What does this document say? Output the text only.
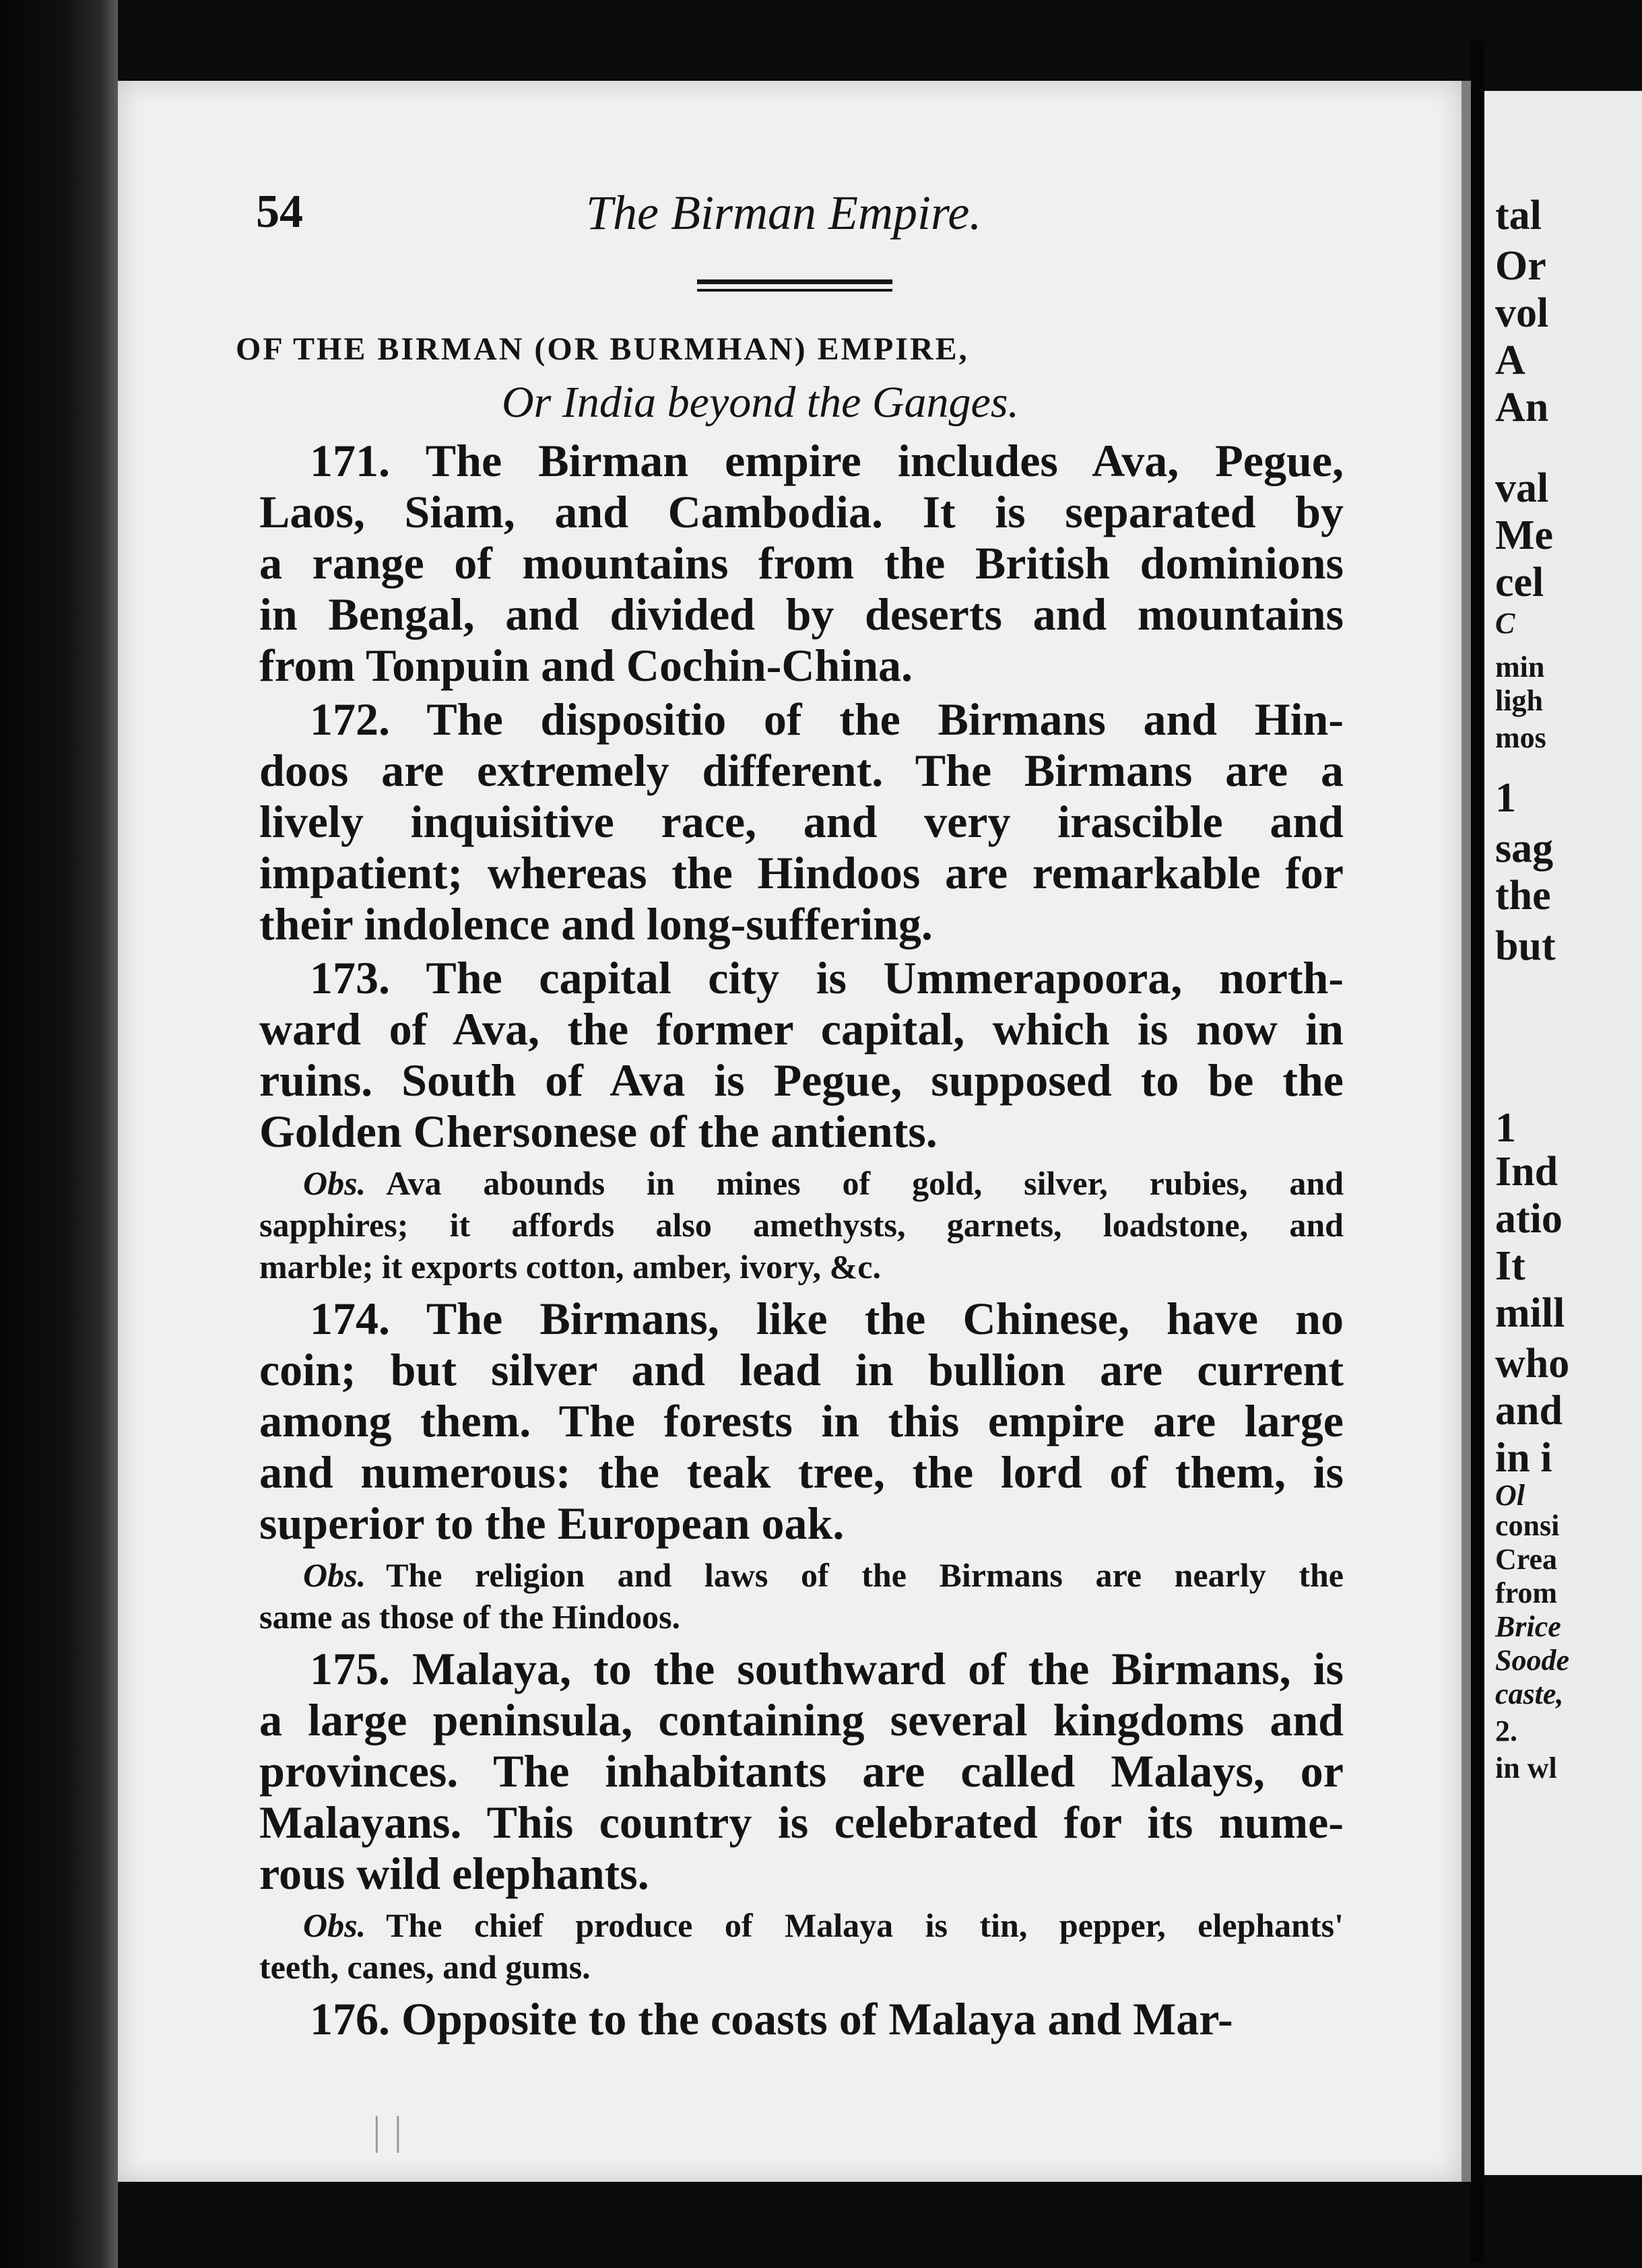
tal
Or
vol
A
An
val
Me
cel
C
min
ligh
mos
1
sag
the
but
1
Ind
atio
It
mill
who
and
in i
Ol
consi
Crea
from
Brice
Soode
caste,
2.
in wl
54	The Birman Empire.
OF THE BIRMAN (OR BURMHAN) EMPIRE,
Or India beyond the Ganges.
171. The Birman empire includes Ava, Pegue,
Laos, Siam, and Cambodia. It is separated by
a range of mountains from the British dominions
in Bengal, and divided by deserts and mountains
from Tonpuin and Cochin-China.
172. The dispositio of the Birmans and Hin-
doos are extremely different. The Birmans are a
lively inquisitive race, and very irascible and
impatient; whereas the Hindoos are remarkable for
their indolence and long-suffering.
173. The capital city is Ummerapoora, north-
ward of Ava, the former capital, which is now in
ruins. South of Ava is Pegue, supposed to be the
Golden Chersonese of the antients.
Obs. Ava abounds in mines of gold, silver, rubies, and
sapphires; it affords also amethysts, garnets, loadstone, and
marble; it exports cotton, amber, ivory, &c.
174. The Birmans, like the Chinese, have no
coin; but silver and lead in bullion are current
among them. The forests in this empire are large
and numerous: the teak tree, the lord of them, is
superior to the European oak.
Obs. The religion and laws of the Birmans are nearly the
same as those of the Hindoos.
175. Malaya, to the southward of the Birmans, is
a large peninsula, containing several kingdoms and
provinces. The inhabitants are called Malays, or
Malayans. This country is celebrated for its nume-
rous wild elephants.
Obs. The chief produce of Malaya is tin, pepper, elephants'
teeth, canes, and gums.
176. Opposite to the coasts of Malaya and Mar-
| |
